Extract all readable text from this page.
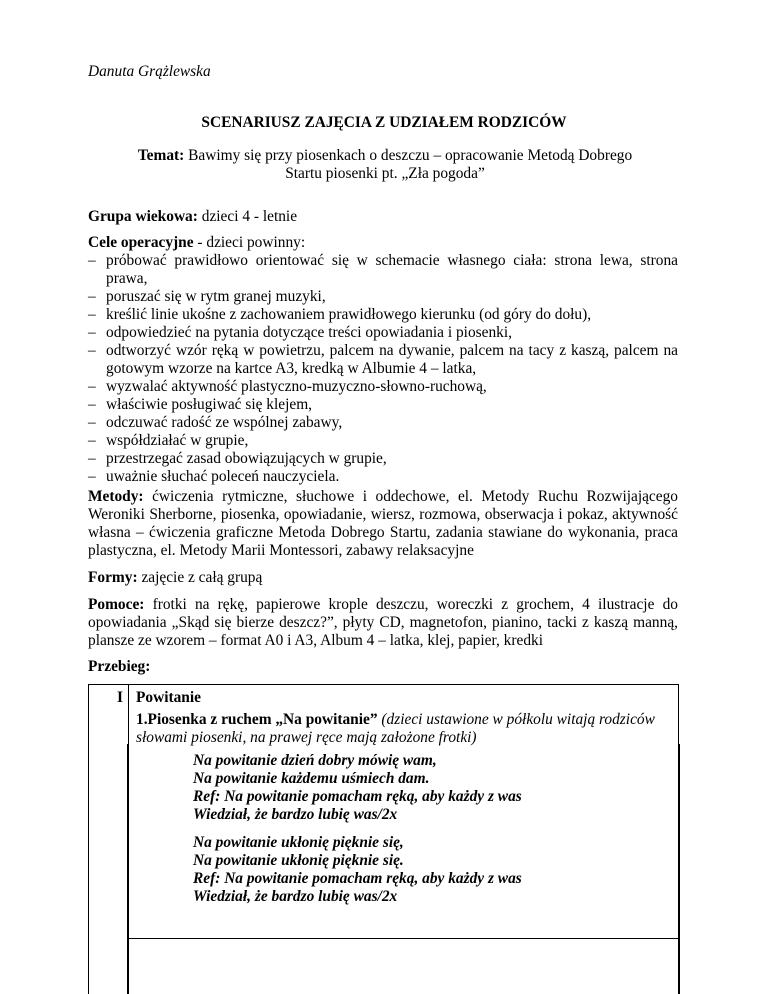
Danuta Grążlewska
SCENARIUSZ ZAJĘCIA Z UDZIAŁEM RODZICÓW
Temat: Bawimy się przy piosenkach o deszczu – opracowanie Metodą Dobrego Startu piosenki pt. „Zła pogoda”
Grupa wiekowa: dzieci 4 - letnie
Cele operacyjne - dzieci powinny:
– próbować prawidłowo orientować się w schemacie własnego ciała: strona lewa, strona prawa,
– poruszać się w rytm granej muzyki,
– kreślić linie ukośne z zachowaniem prawidłowego kierunku (od góry do dołu),
– odpowiedzieć na pytania dotyczące treści opowiadania i piosenki,
– odtworzyć wzór ręką w powietrzu, palcem na dywanie, palcem na tacy z kaszą, palcem na gotowym wzorze na kartce A3, kredką w Albumie 4 – latka,
– wyzwalać aktywność plastyczno-muzyczno-słowno-ruchową,
– właściwie posługiwać się klejem,
– odczuwać radość ze wspólnej zabawy,
– współdziałać w grupie,
– przestrzegać zasad obowiązujących w grupie,
– uważnie słuchać poleceń nauczyciela.
Metody: ćwiczenia rytmiczne, słuchowe i oddechowe, el. Metody Ruchu Rozwijającego Weroniki Sherborne, piosenka, opowiadanie, wiersz, rozmowa, obserwacja i pokaz, aktywność własna – ćwiczenia graficzne Metoda Dobrego Startu, zadania stawiane do wykonania, praca plastyczna, el. Metody Marii Montessori, zabawy relaksacyjne
Formy: zajęcie z całą grupą
Pomoce: frotki na rękę, papierowe krople deszczu, woreczki z grochem, 4 ilustracje do opowiadania „Skąd się bierze deszcz?”, płyty CD, magnetofon, pianino, tacki z kaszą manną, plansze ze wzorem – format A0 i A3, Album 4 – latka, klej, papier, kredki
Przebieg:
I Powitanie
1.Piosenka z ruchem „Na powitanie” (dzieci ustawione w półkolu witają rodziców słowami piosenki, na prawej ręce mają założone frotki)
Na powitanie dzień dobry mówię wam,
Na powitanie każdemu uśmiech dam.
Ref: Na powitanie pomacham ręką, aby każdy z was
Wiedział, że bardzo lubię was/2x
Na powitanie ukłonię pięknie się,
Na powitanie ukłonię pięknie się.
Ref: Na powitanie pomacham ręką, aby każdy z was
Wiedział, że bardzo lubię was/2x
